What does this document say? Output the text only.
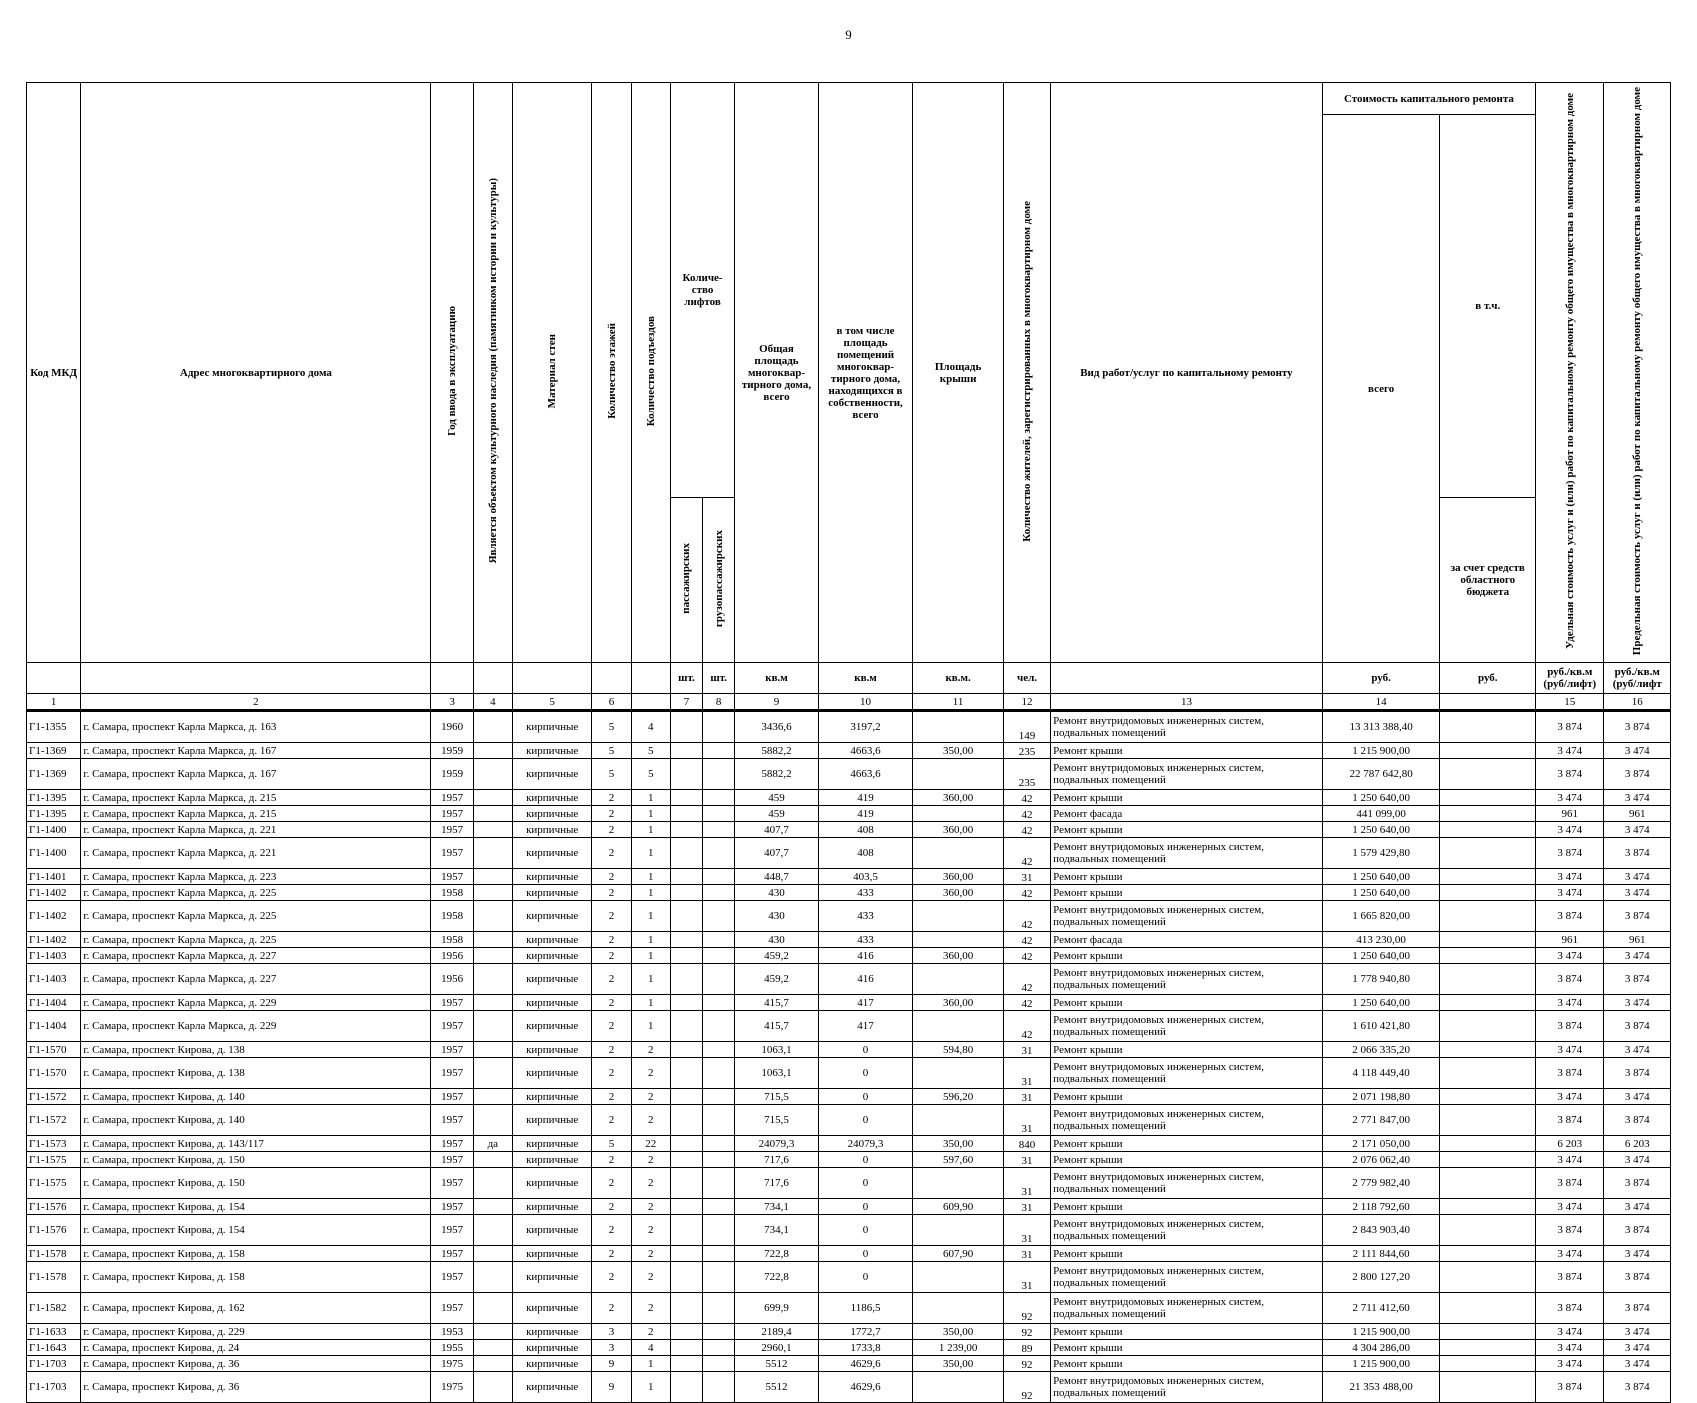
9
Код МКД	Адрес многоквартирного дома	Год ввода в эксплуатацию	Является объектом культурного наследия (памятником истории и культуры)	Материал стен	Количество этажей	Количество подъездов	Количе-ство лифтов		Общая площадь многоквар-тирного дома, всего	в том числе площадь помещений многоквар-тирного дома, находящихся в собственности, всего	Площадь крыши	Количество жителей, зарегистрированных в многоквартирном доме	Вид работ/услуг по капитальному ремонту	Стоимость капитального ремонта		Удельная стоимость услуг и (или) работ по капитальному ремонту общего имущества в многоквартирном доме	Предельная стоимость услуг и (или) работ по капитальному ремонту общего имущества в многоквартирном доме
														всего	в т.ч.		
							пассажирских	грузопассажирских							за счет средств областного бюджета		
							шт.	шт.	кв.м	кв.м	кв.м.	чел.		руб.	руб.	руб./кв.м (руб/лифт)	руб./кв.м (руб/лифт
1	2	3	4	5	6		7	8	9	10	11	12	13	14		15	16
Г1-1355	г. Самара, проспект Карла Маркса, д. 163	1960		кирпичные	5	4			3436,6	3197,2		149	Ремонт внутридомовых инженерных систем, подвальных помещений	13 313 388,40		3 874	3 874
Г1-1369	г. Самара, проспект Карла Маркса, д. 167	1959		кирпичные	5	5			5882,2	4663,6	350,00	235	Ремонт крыши	1 215 900,00		3 474	3 474
Г1-1369	г. Самара, проспект Карла Маркса, д. 167	1959		кирпичные	5	5			5882,2	4663,6		235	Ремонт внутридомовых инженерных систем, подвальных помещений	22 787 642,80		3 874	3 874
Г1-1395	г. Самара, проспект Карла Маркса, д. 215	1957		кирпичные	2	1			459	419	360,00	42	Ремонт крыши	1 250 640,00		3 474	3 474
Г1-1395	г. Самара, проспект Карла Маркса, д. 215	1957		кирпичные	2	1			459	419		42	Ремонт фасада	441 099,00		961	961
Г1-1400	г. Самара, проспект Карла Маркса, д. 221	1957		кирпичные	2	1			407,7	408	360,00	42	Ремонт крыши	1 250 640,00		3 474	3 474
Г1-1400	г. Самара, проспект Карла Маркса, д. 221	1957		кирпичные	2	1			407,7	408		42	Ремонт внутридомовых инженерных систем, подвальных помещений	1 579 429,80		3 874	3 874
Г1-1401	г. Самара, проспект Карла Маркса, д. 223	1957		кирпичные	2	1			448,7	403,5	360,00	31	Ремонт крыши	1 250 640,00		3 474	3 474
Г1-1402	г. Самара, проспект Карла Маркса, д. 225	1958		кирпичные	2	1			430	433	360,00	42	Ремонт крыши	1 250 640,00		3 474	3 474
Г1-1402	г. Самара, проспект Карла Маркса, д. 225	1958		кирпичные	2	1			430	433		42	Ремонт внутридомовых инженерных систем, подвальных помещений	1 665 820,00		3 874	3 874
Г1-1402	г. Самара, проспект Карла Маркса, д. 225	1958		кирпичные	2	1			430	433		42	Ремонт фасада	413 230,00		961	961
Г1-1403	г. Самара, проспект Карла Маркса, д. 227	1956		кирпичные	2	1			459,2	416	360,00	42	Ремонт крыши	1 250 640,00		3 474	3 474
Г1-1403	г. Самара, проспект Карла Маркса, д. 227	1956		кирпичные	2	1			459,2	416		42	Ремонт внутридомовых инженерных систем, подвальных помещений	1 778 940,80		3 874	3 874
Г1-1404	г. Самара, проспект Карла Маркса, д. 229	1957		кирпичные	2	1			415,7	417	360,00	42	Ремонт крыши	1 250 640,00		3 474	3 474
Г1-1404	г. Самара, проспект Карла Маркса, д. 229	1957		кирпичные	2	1			415,7	417		42	Ремонт внутридомовых инженерных систем, подвальных помещений	1 610 421,80		3 874	3 874
Г1-1570	г. Самара, проспект Кирова, д. 138	1957		кирпичные	2	2			1063,1	0	594,80	31	Ремонт крыши	2 066 335,20		3 474	3 474
Г1-1570	г. Самара, проспект Кирова, д. 138	1957		кирпичные	2	2			1063,1	0		31	Ремонт внутридомовых инженерных систем, подвальных помещений	4 118 449,40		3 874	3 874
Г1-1572	г. Самара, проспект Кирова, д. 140	1957		кирпичные	2	2			715,5	0	596,20	31	Ремонт крыши	2 071 198,80		3 474	3 474
Г1-1572	г. Самара, проспект Кирова, д. 140	1957		кирпичные	2	2			715,5	0		31	Ремонт внутридомовых инженерных систем, подвальных помещений	2 771 847,00		3 874	3 874
Г1-1573	г. Самара, проспект Кирова, д. 143/117	1957	да	кирпичные	5	22			24079,3	24079,3	350,00	840	Ремонт крыши	2 171 050,00		6 203	6 203
Г1-1575	г. Самара, проспект Кирова, д. 150	1957		кирпичные	2	2			717,6	0	597,60	31	Ремонт крыши	2 076 062,40		3 474	3 474
Г1-1575	г. Самара, проспект Кирова, д. 150	1957		кирпичные	2	2			717,6	0		31	Ремонт внутридомовых инженерных систем, подвальных помещений	2 779 982,40		3 874	3 874
Г1-1576	г. Самара, проспект Кирова, д. 154	1957		кирпичные	2	2			734,1	0	609,90	31	Ремонт крыши	2 118 792,60		3 474	3 474
Г1-1576	г. Самара, проспект Кирова, д. 154	1957		кирпичные	2	2			734,1	0		31	Ремонт внутридомовых инженерных систем, подвальных помещений	2 843 903,40		3 874	3 874
Г1-1578	г. Самара, проспект Кирова, д. 158	1957		кирпичные	2	2			722,8	0	607,90	31	Ремонт крыши	2 111 844,60		3 474	3 474
Г1-1578	г. Самара, проспект Кирова, д. 158	1957		кирпичные	2	2			722,8	0		31	Ремонт внутридомовых инженерных систем, подвальных помещений	2 800 127,20		3 874	3 874
Г1-1582	г. Самара, проспект Кирова, д. 162	1957		кирпичные	2	2			699,9	1186,5		92	Ремонт внутридомовых инженерных систем, подвальных помещений	2 711 412,60		3 874	3 874
Г1-1633	г. Самара, проспект Кирова, д. 229	1953		кирпичные	3	2			2189,4	1772,7	350,00	92	Ремонт крыши	1 215 900,00		3 474	3 474
Г1-1643	г. Самара, проспект Кирова, д. 24	1955		кирпичные	3	4			2960,1	1733,8	1 239,00	89	Ремонт крыши	4 304 286,00		3 474	3 474
Г1-1703	г. Самара, проспект Кирова, д. 36	1975		кирпичные	9	1			5512	4629,6	350,00	92	Ремонт крыши	1 215 900,00		3 474	3 474
Г1-1703	г. Самара, проспект Кирова, д. 36	1975		кирпичные	9	1			5512	4629,6		92	Ремонт внутридомовых инженерных систем, подвальных помещений	21 353 488,00		3 874	3 874
